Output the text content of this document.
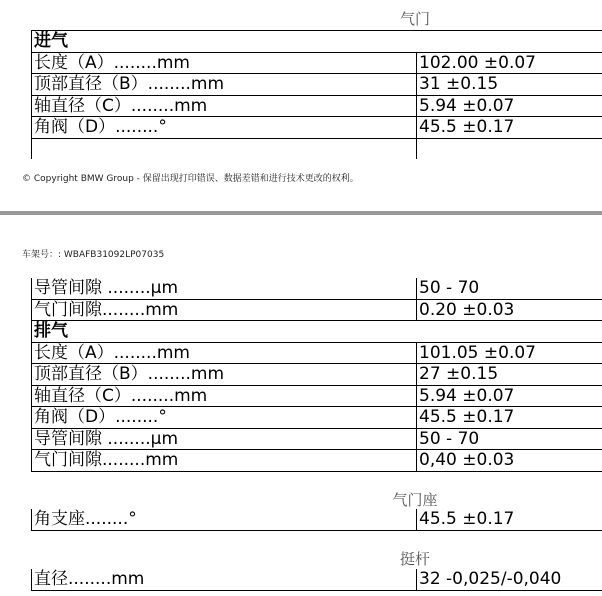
气门
进气	
长度（A）........mm	102.00 ±0.07
顶部直径（B）........mm	31 ±0.15
轴直径（C）........mm	5.94 ±0.07
角阀（D）........°	45.5 ±0.17

© Copyright BMW Group - 保留出现打印错误、数据差错和进行技术更改的权利。
车架号：: WBAFB31092LP07035
导管间隙 ........μm	50 - 70
气门间隙........mm	0.20 ±0.03
排气	
长度（A）........mm	101.05 ±0.07
顶部直径（B）........mm	27 ±0.15
轴直径（C）........mm	5.94 ±0.07
角阀（D）........°	45.5 ±0.17
导管间隙 ........μm	50 - 70
气门间隙........mm	0,40 ±0.03
气门座
角支座........°	45.5 ±0.17
挺杆
直径........mm	32 -0,025/-0,040
